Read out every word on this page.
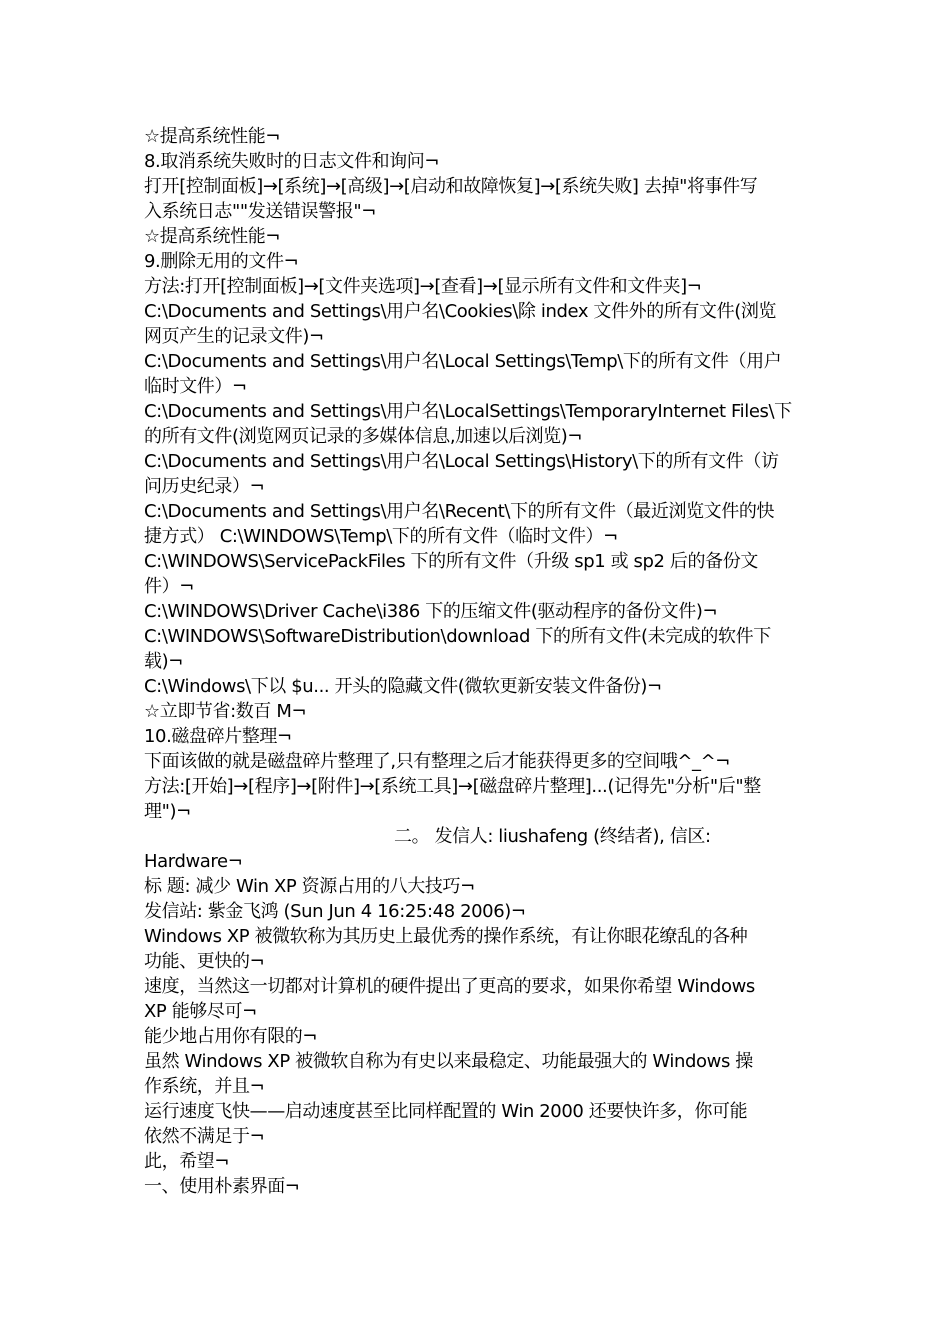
☆提高系统性能¬
8.取消系统失败时的日志文件和询问¬
打开[控制面板]→[系统]→[高级]→[启动和故障恢复]→[系统失败] 去掉"将事件写
入系统日志""发送错误警报"¬
☆提高系统性能¬
9.删除无用的文件¬
方法:打开[控制面板]→[文件夹选项]→[查看]→[显示所有文件和文件夹]¬
C:\Documents and Settings\用户名\Cookies\除 index 文件外的所有文件(浏览
网页产生的记录文件)¬
C:\Documents and Settings\用户名\Local Settings\Temp\下的所有文件（用户
临时文件）¬
C:\Documents and Settings\用户名\LocalSettings\TemporaryInternet Files\下
的所有文件(浏览网页记录的多媒体信息,加速以后浏览)¬
C:\Documents and Settings\用户名\Local Settings\History\下的所有文件（访
问历史纪录）¬
C:\Documents and Settings\用户名\Recent\下的所有文件（最近浏览文件的快
捷方式） C:\WINDOWS\Temp\下的所有文件（临时文件）¬
C:\WINDOWS\ServicePackFiles 下的所有文件（升级 sp1 或 sp2 后的备份文
件）¬
C:\WINDOWS\Driver Cache\i386 下的压缩文件(驱动程序的备份文件)¬
C:\WINDOWS\SoftwareDistribution\download 下的所有文件(未完成的软件下
载)¬
C:\Windows\下以 $u... 开头的隐藏文件(微软更新安装文件备份)¬
☆立即节省:数百 M¬
10.磁盘碎片整理¬
下面该做的就是磁盘碎片整理了,只有整理之后才能获得更多的空间哦^_^¬
方法:[开始]→[程序]→[附件]→[系统工具]→[磁盘碎片整理]...(记得先"分析"后"整
理")¬
二。 发信人: liushafeng (终结者), 信区:
Hardware¬
标 题: 减少 Win XP 资源占用的八大技巧¬
发信站: 紫金飞鸿 (Sun Jun 4 16:25:48 2006)¬
Windows XP 被微软称为其历史上最优秀的操作系统，有让你眼花缭乱的各种
功能、更快的¬
速度，当然这一切都对计算机的硬件提出了更高的要求，如果你希望 Windows
XP 能够尽可¬
能少地占用你有限的¬
虽然 Windows XP 被微软自称为有史以来最稳定、功能最强大的 Windows 操
作系统，并且¬
运行速度飞快——启动速度甚至比同样配置的 Win 2000 还要快许多，你可能
依然不满足于¬
此，希望¬
一、使用朴素界面¬
